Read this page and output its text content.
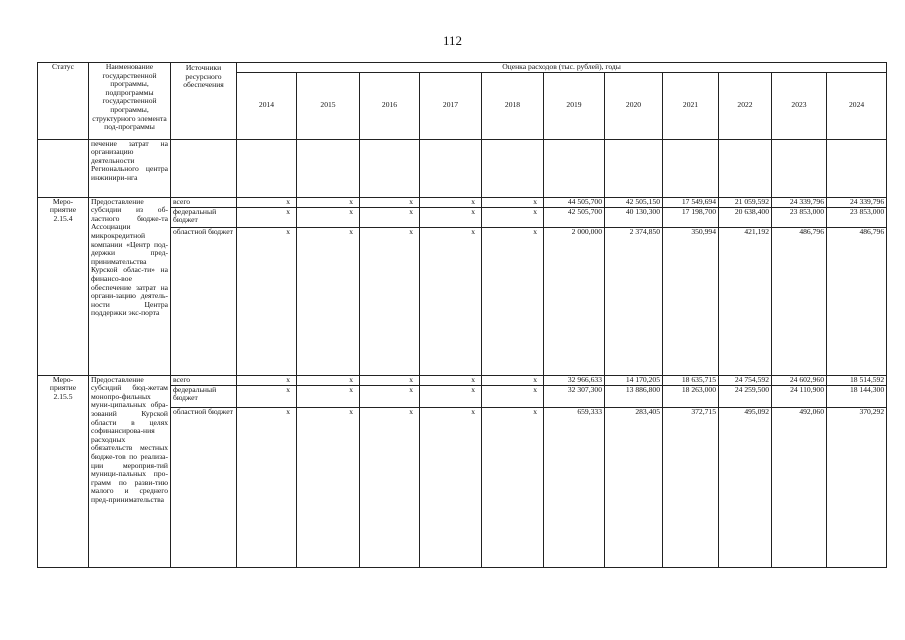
112
Статус	Наименование государственной программы, подпрограммы государственной программы, структурного элемента под-программы	Источники ресурсного обеспечения	Оценка расходов (тыс. рублей), годы										
			2014	2015	2016	2017	2018	2019	2020	2021	2022	2023	2024
	печение затрат на организацию деятельности Регионального центра инжинири-нга												
Меро-приятие 2.15.4	Предоставление субсидии из об-ластного бюдже-та Ассоциации микрокредитной компании «Центр под-держки пред-принимательства Курской облас-ти» на финансо-вое обеспечение затрат на органи-зацию деятель-ности Центра поддержки экс-порта	всего	x	x	x	x	x	44 505,700	42 505,150	17 549,694	21 059,592	24 339,796	24 339,796
		федеральный бюджет	x	x	x	x	x	42 505,700	40 130,300	17 198,700	20 638,400	23 853,000	23 853,000
		областной бюджет	x	x	x	x	x	2 000,000	2 374,850	350,994	421,192	486,796	486,796
Меро-приятие 2.15.5	Предоставление субсидий бюд-жетам монопро-фильных муни-ципальных обра-зований Курской области в целях софинансирова-ния расходных обязательств местных бюдже-тов по реализа-ции мероприя-тий муници-пальных про-грамм по разви-тию малого и среднего пред-принимательства	всего	x	x	x	x	x	32 966,633	14 170,205	18 635,715	24 754,592	24 602,960	18 514,592
		федеральный бюджет	x	x	x	x	x	32 307,300	13 886,800	18 263,000	24 259,500	24 110,900	18 144,300
		областной бюджет	x	x	x	x	x	659,333	283,405	372,715	495,092	492,060	370,292
